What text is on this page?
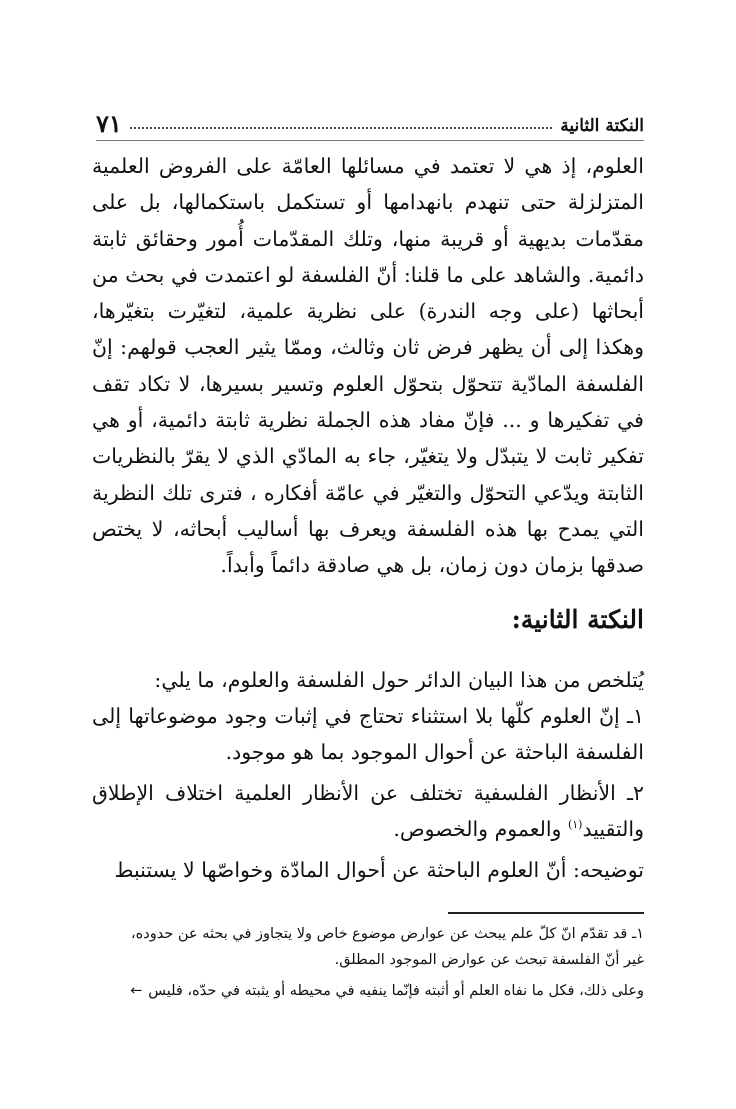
النكتة الثانية
٧١

العلوم، إذ هي لا تعتمد في مسائلها العامّة على الفروض العلمية المتزلزلة حتى تنهدم بانهدامها أو تستكمل باستكمالها، بل على مقدّمات بديهية أو قريبة منها، وتلك المقدّمات أُمور وحقائق ثابتة دائمية. والشاهد على ما قلنا: أنّ الفلسفة لو اعتمدت في بحث من أبحاثها (على وجه الندرة) على نظرية علمية، لتغيّرت بتغيّرها، وهكذا إلى أن يظهر فرض ثان وثالث، وممّا يثير العجب قولهم: إنّ الفلسفة المادّية تتحوّل بتحوّل العلوم وتسير بسيرها، لا تكاد تقف في تفكيرها و ... فإنّ مفاد هذه الجملة نظرية ثابتة دائمية، أو هي تفكير ثابت لا يتبدّل ولا يتغيّر، جاء به المادّي الذي لا يقرّ بالنظريات الثابتة ويدّعي التحوّل والتغيّر في عامّة أفكاره ، فترى تلك النظرية التي يمدح بها هذه الفلسفة ويعرف بها أساليب أبحاثه، لا يختص صدقها بزمان دون زمان، بل هي صادقة دائماً وأبداً.

النكتة الثانية:

يُتلخص من هذا البيان الدائر حول الفلسفة والعلوم، ما يلي:

١ـ إنّ العلوم كلّها بلا استثناء تحتاج في إثبات وجود موضوعاتها إلى الفلسفة الباحثة عن أحوال الموجود بما هو موجود.

٢ـ الأنظار الفلسفية تختلف عن الأنظار العلمية اختلاف الإطلاق والتقييد$^{(١)}$ والعموم والخصوص.

توضيحه: أنّ العلوم الباحثة عن أحوال المادّة وخواصّها لا يستنبط

١ـ قد تقدّم انّ كلّ علم يبحث عن عوارض موضوع خاص ولا يتجاوز في بحثه عن حدوده،

غير أنّ الفلسفة تبحث عن عوارض الموجود المطلق.

وعلى ذلك، فكل ما نفاه العلم أو أثبته فإنّما ينفيه في محيطه أو يثبته في حدّه، فليس←
